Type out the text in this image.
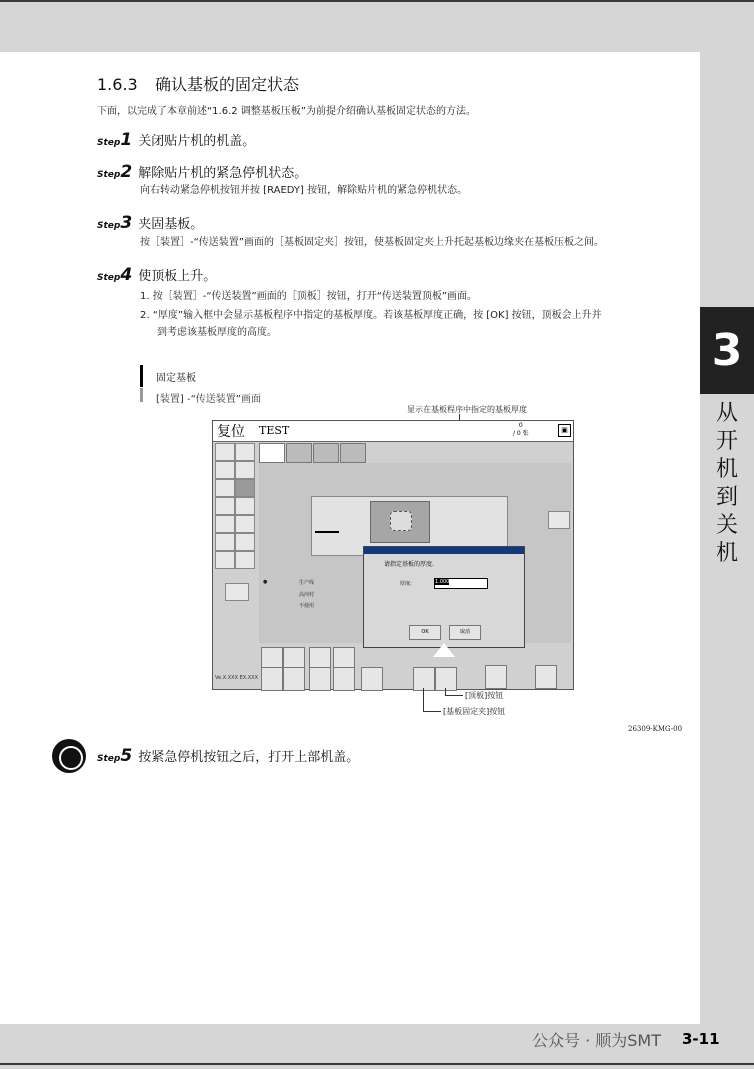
3
从
开
机
到
关
机
1.6.3 确认基板的固定状态
下面，以完成了本章前述“1.6.2 调整基板压板”为前提介绍确认基板固定状态的方法。
Step1 关闭贴片机的机盖。
Step2 解除贴片机的紧急停机状态。
向右转动紧急停机按钮并按 [RAEDY] 按钮，解除贴片机的紧急停机状态。
Step3 夹固基板。
按［装置］-“传送装置”画面的［基板固定夹］按钮，使基板固定夹上升托起基板边缘夹在基板压板之间。
Step4 使顶板上升。
1. 按［装置］-“传送装置”画面的［顶板］按钮，打开“传送装置顶板”画面。
2. “厚度”输入框中会显示基板程序中指定的基板厚度。若该基板厚度正确，按 [OK] 按钮，顶板会上升并
到考虑该基板厚度的高度。
固定基板
[装置] -“传送装置”画面
显示在基板程序中指定的基板厚度
复位 TEST	0
/ 0 张	▣
●	生产线
高河村
不使用
请指定基板的厚度.
厚度:	1.000
OK	取消
Ve.X.XXX EX.XXX
[顶板]按钮
[基板固定夹]按钮
26309-KMG-00
Step5 按紧急停机按钮之后，打开上部机盖。
公众号 · 顺为SMT 3-11
